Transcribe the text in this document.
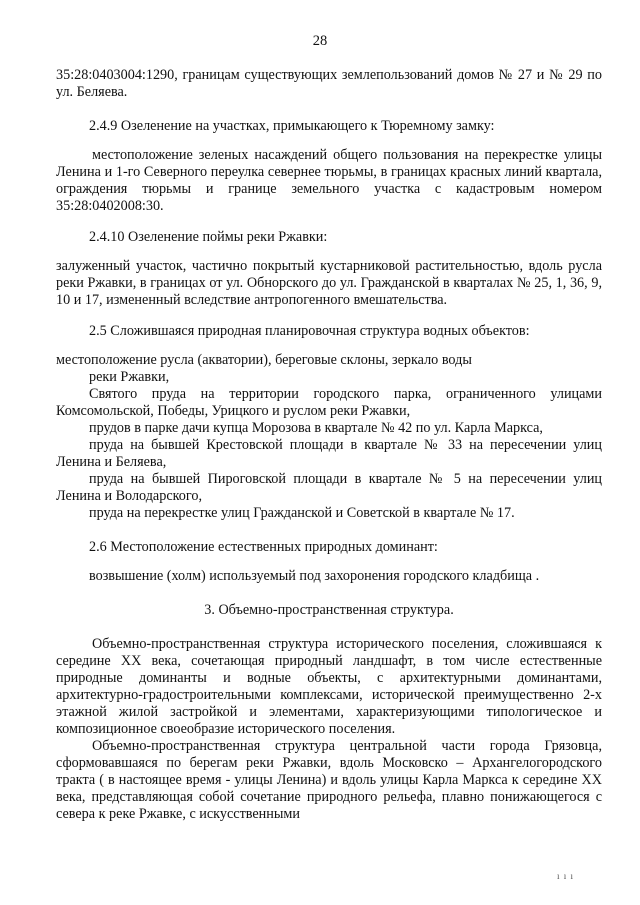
28

35:28:0403004:1290, границам существующих землепользований домов № 27 и № 29 по ул. Беляева.

2.4.9 Озеленение на участках, примыкающего к Тюремному замку:

местоположение зеленых насаждений общего пользования на перекрестке улицы Ленина и 1-го Северного переулка севернее тюрьмы, в границах красных линий квартала, ограждения тюрьмы и границе земельного участка с кадастровым номером 35:28:0402008:30.

2.4.10 Озеленение поймы реки Ржавки:

залуженный участок, частично покрытый кустарниковой растительностью, вдоль русла реки Ржавки, в границах от ул. Обнорского до ул. Гражданской в кварталах № 25, 1, 36, 9, 10 и 17, измененный вследствие антропогенного вмешательства.

2.5 Сложившаяся природная планировочная структура водных объектов:

местоположение русла (акватории), береговые склоны, зеркало воды

реки Ржавки,

Святого пруда на территории городского парка, ограниченного улицами Комсомольской, Победы, Урицкого и руслом реки Ржавки,

прудов в парке дачи купца Морозова в квартале № 42 по ул. Карла Маркса,

пруда на бывшей Крестовской площади в квартале № 33 на пересечении улиц Ленина и Беляева,

пруда на бывшей Пироговской площади в квартале № 5 на пересечении улиц Ленина и Володарского,

пруда на перекрестке улиц Гражданской и Советской в квартале № 17.

2.6 Местоположение естественных природных доминант:

возвышение (холм) используемый под захоронения городского кладбища .

3. Объемно-пространственная структура.

Объемно-пространственная структура исторического поселения, сложившаяся к середине XX века, сочетающая природный ландшафт, в том числе естественные природные доминанты и водные объекты, с архитектурными доминантами, архитектурно-градостроительными комплексами, исторической преимущественно 2-х этажной жилой застройкой и элементами, характеризующими типологическое и композиционное своеобразие исторического поселения.

Объемно-пространственная структура центральной части города Грязовца, сформовавшаяся по берегам реки Ржавки, вдоль Московско – Архангелогородского тракта ( в настоящее время - улицы Ленина) и вдоль улицы Карла Маркса к середине XX века, представляющая собой сочетание природного рельефа, плавно понижающегося с севера к реке Ржавке, с искусственными

ı ı ı
